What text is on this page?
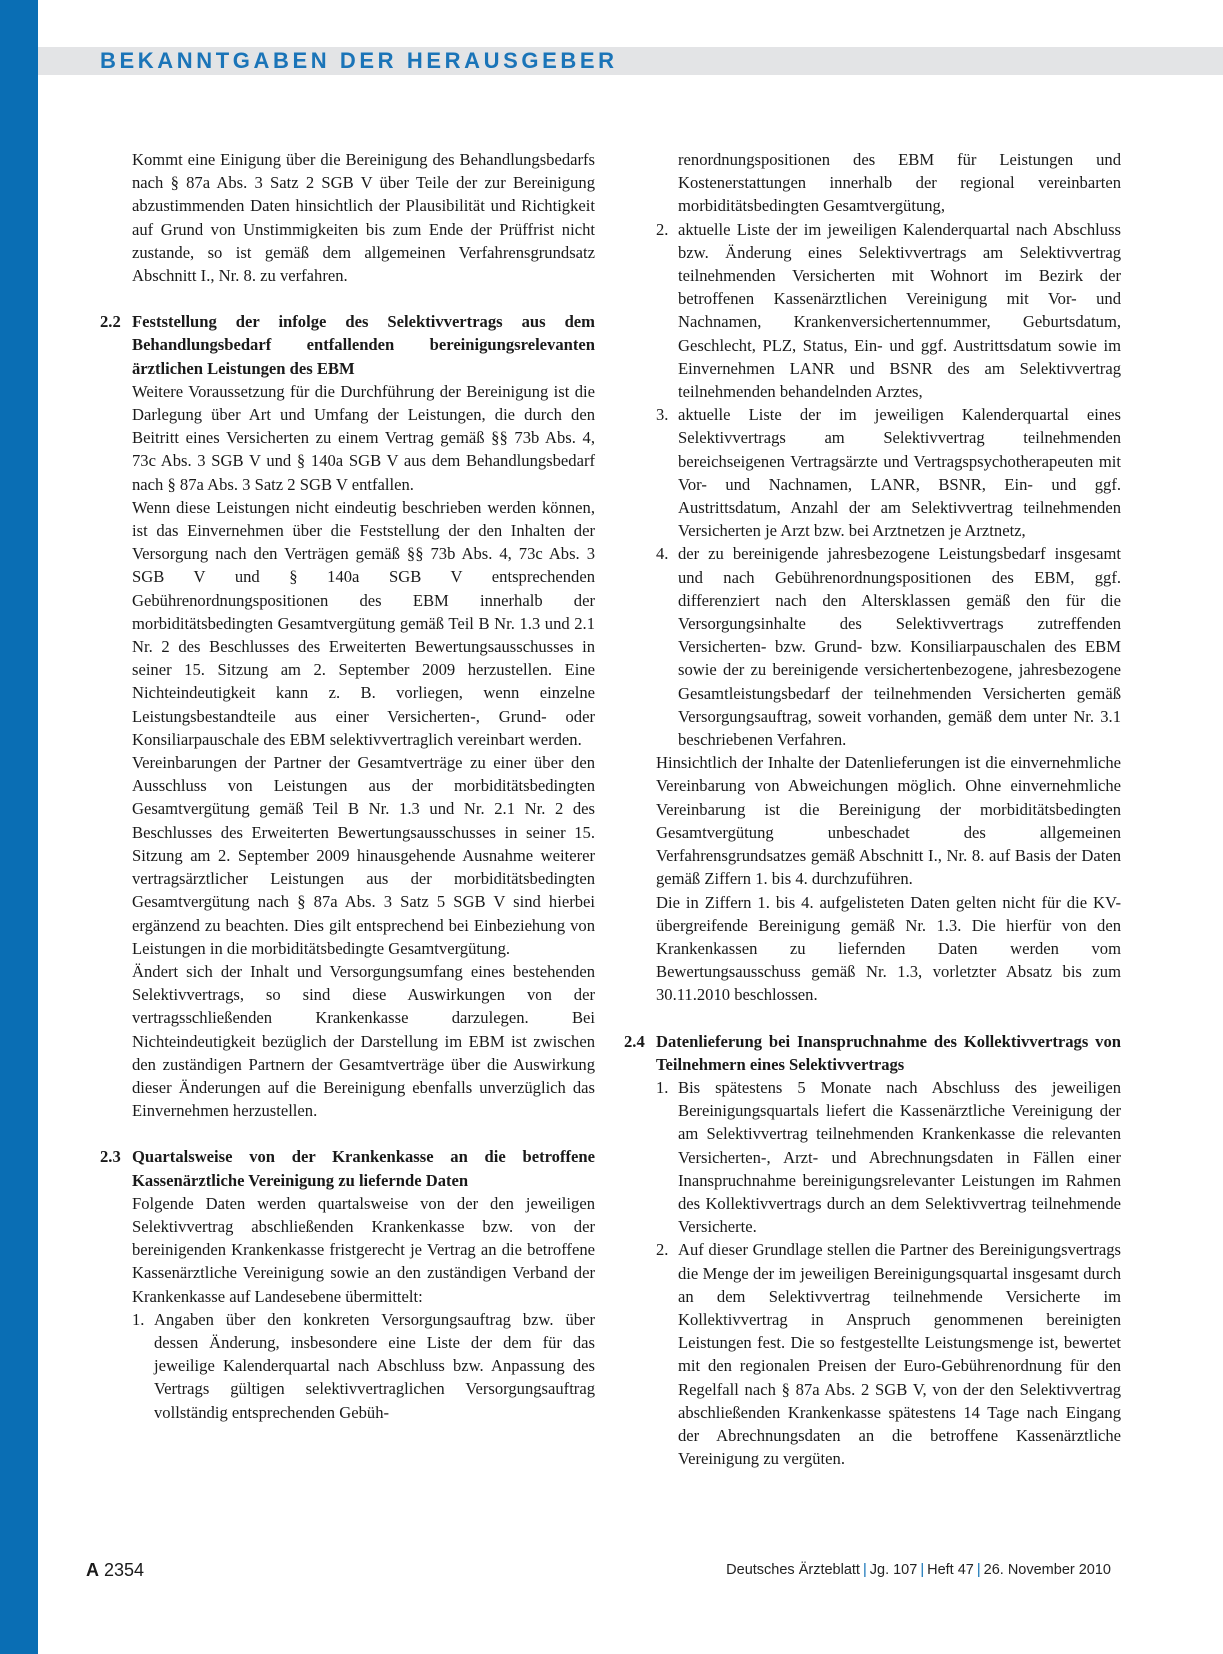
BEKANNTGABEN DER HERAUSGEBER

Kommt eine Einigung über die Bereinigung des Behandlungsbedarfs nach § 87a Abs. 3 Satz 2 SGB V über Teile der zur Bereinigung abzustimmenden Daten hinsichtlich der Plausibilität und Richtigkeit auf Grund von Unstimmigkeiten bis zum Ende der Prüffrist nicht zustande, so ist gemäß dem allgemeinen Verfahrensgrundsatz Abschnitt I., Nr. 8. zu verfahren.

2.2 Feststellung der infolge des Selektivvertrags aus dem Behandlungsbedarf entfallenden bereinigungsrelevanten ärztlichen Leistungen des EBM

Weitere Voraussetzung für die Durchführung der Bereinigung ist die Darlegung über Art und Umfang der Leistungen, die durch den Beitritt eines Versicherten zu einem Vertrag gemäß §§ 73b Abs. 4, 73c Abs. 3 SGB V und § 140a SGB V aus dem Behandlungsbedarf nach § 87a Abs. 3 Satz 2 SGB V entfallen.

Wenn diese Leistungen nicht eindeutig beschrieben werden können, ist das Einvernehmen über die Feststellung der den Inhalten der Versorgung nach den Verträgen gemäß §§ 73b Abs. 4, 73c Abs. 3 SGB V und § 140a SGB V entsprechenden Gebührenordnungspositionen des EBM innerhalb der morbiditätsbedingten Gesamtvergütung gemäß Teil B Nr. 1.3 und 2.1 Nr. 2 des Beschlusses des Erweiterten Bewertungsausschusses in seiner 15. Sitzung am 2. September 2009 herzustellen. Eine Nichteindeutigkeit kann z. B. vorliegen, wenn einzelne Leistungsbestandteile aus einer Versicherten-, Grund- oder Konsiliarpauschale des EBM selektivvertraglich vereinbart werden.

Vereinbarungen der Partner der Gesamtverträge zu einer über den Ausschluss von Leistungen aus der morbiditätsbedingten Gesamtvergütung gemäß Teil B Nr. 1.3 und Nr. 2.1 Nr. 2 des Beschlusses des Erweiterten Bewertungsausschusses in seiner 15. Sitzung am 2. September 2009 hinausgehende Ausnahme weiterer vertragsärztlicher Leistungen aus der morbiditätsbedingten Gesamtvergütung nach § 87a Abs. 3 Satz 5 SGB V sind hierbei ergänzend zu beachten. Dies gilt entsprechend bei Einbeziehung von Leistungen in die morbiditätsbedingte Gesamtvergütung.

Ändert sich der Inhalt und Versorgungsumfang eines bestehenden Selektivvertrags, so sind diese Auswirkungen von der vertragsschließenden Krankenkasse darzulegen. Bei Nichteindeutigkeit bezüglich der Darstellung im EBM ist zwischen den zuständigen Partnern der Gesamtverträge über die Auswirkung dieser Änderungen auf die Bereinigung ebenfalls unverzüglich das Einvernehmen herzustellen.

2.3 Quartalsweise von der Krankenkasse an die betroffene Kassenärztliche Vereinigung zu liefernde Daten

Folgende Daten werden quartalsweise von der den jeweiligen Selektivvertrag abschließenden Krankenkasse bzw. von der bereinigenden Krankenkasse fristgerecht je Vertrag an die betroffene Kassenärztliche Vereinigung sowie an den zuständigen Verband der Krankenkasse auf Landesebene übermittelt:

1. Angaben über den konkreten Versorgungsauftrag bzw. über dessen Änderung, insbesondere eine Liste der dem für das jeweilige Kalenderquartal nach Abschluss bzw. Anpassung des Vertrags gültigen selektivvertraglichen Versorgungsauftrag vollständig entsprechenden Gebüh-

renordnungspositionen des EBM für Leistungen und Kostenerstattungen innerhalb der regional vereinbarten morbiditätsbedingten Gesamtvergütung,

2. aktuelle Liste der im jeweiligen Kalenderquartal nach Abschluss bzw. Änderung eines Selektivvertrags am Selektivvertrag teilnehmenden Versicherten mit Wohnort im Bezirk der betroffenen Kassenärztlichen Vereinigung mit Vor- und Nachnamen, Krankenversichertennummer, Geburtsdatum, Geschlecht, PLZ, Status, Ein- und ggf. Austrittsdatum sowie im Einvernehmen LANR und BSNR des am Selektivvertrag teilnehmenden behandelnden Arztes,
3. aktuelle Liste der im jeweiligen Kalenderquartal eines Selektivvertrags am Selektivvertrag teilnehmenden bereichseigenen Vertragsärzte und Vertragspsychotherapeuten mit Vor- und Nachnamen, LANR, BSNR, Ein- und ggf. Austrittsdatum, Anzahl der am Selektivvertrag teilnehmenden Versicherten je Arzt bzw. bei Arztnetzen je Arztnetz,
4. der zu bereinigende jahresbezogene Leistungsbedarf insgesamt und nach Gebührenordnungspositionen des EBM, ggf. differenziert nach den Altersklassen gemäß den für die Versorgungsinhalte des Selektivvertrags zutreffenden Versicherten- bzw. Grund- bzw. Konsiliarpauschalen des EBM sowie der zu bereinigende versichertenbezogene, jahresbezogene Gesamtleistungsbedarf der teilnehmenden Versicherten gemäß Versorgungsauftrag, soweit vorhanden, gemäß dem unter Nr. 3.1 beschriebenen Verfahren.

Hinsichtlich der Inhalte der Datenlieferungen ist die einvernehmliche Vereinbarung von Abweichungen möglich. Ohne einvernehmliche Vereinbarung ist die Bereinigung der morbiditätsbedingten Gesamtvergütung unbeschadet des allgemeinen Verfahrensgrundsatzes gemäß Abschnitt I., Nr. 8. auf Basis der Daten gemäß Ziffern 1. bis 4. durchzuführen.

Die in Ziffern 1. bis 4. aufgelisteten Daten gelten nicht für die KV-übergreifende Bereinigung gemäß Nr. 1.3. Die hierfür von den Krankenkassen zu liefernden Daten werden vom Bewertungsausschuss gemäß Nr. 1.3, vorletzter Absatz bis zum 30.11.2010 beschlossen.

2.4 Datenlieferung bei Inanspruchnahme des Kollektivvertrags von Teilnehmern eines Selektivvertrags

1. Bis spätestens 5 Monate nach Abschluss des jeweiligen Bereinigungsquartals liefert die Kassenärztliche Vereinigung der am Selektivvertrag teilnehmenden Krankenkasse die relevanten Versicherten-, Arzt- und Abrechnungsdaten in Fällen einer Inanspruchnahme bereinigungsrelevanter Leistungen im Rahmen des Kollektivvertrags durch an dem Selektivvertrag teilnehmende Versicherte.
2. Auf dieser Grundlage stellen die Partner des Bereinigungsvertrags die Menge der im jeweiligen Bereinigungsquartal insgesamt durch an dem Selektivvertrag teilnehmende Versicherte im Kollektivvertrag in Anspruch genommenen bereinigten Leistungen fest. Die so festgestellte Leistungsmenge ist, bewertet mit den regionalen Preisen der Euro-Gebührenordnung für den Regelfall nach § 87a Abs. 2 SGB V, von der den Selektivvertrag abschließenden Krankenkasse spätestens 14 Tage nach Eingang der Abrechnungsdaten an die betroffene Kassenärztliche Vereinigung zu vergüten.

A 2354	Deutsches Ärzteblatt | Jg. 107 | Heft 47 | 26. November 2010
